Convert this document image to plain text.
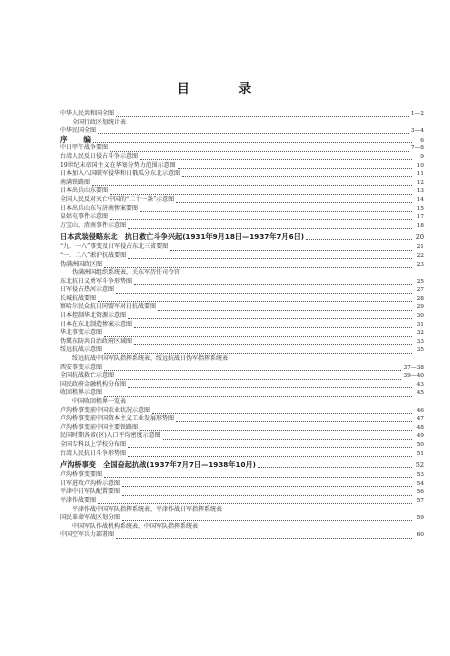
目 录
中华人民共和国全图	1—2
全国行政区划统计表
中华民国全图	3—4
序　　编	6
中日甲午战争要图	7—8
台湾人民反日侵占斗争示意图	9
19世纪末帝国主义在华划分势力范围示意图	10
日本加入八国联军侵华和日俄瓜分东北示意图	11
南满铁路图	12
日本出兵山东要图	13
全国人民反对灭亡中国的“二十一条”示意图	14
日本出兵山东与济南惨案要图	15
皇姑屯事件示意图	17
万宝山、渣南事件示意图	18
日本武装侵略东北　抗日救亡斗争兴起(1931年9月18日—1937年7月6日)	20
“九．一八”事变及日军侵占东北三省要图	21
“一．二八”淞沪抗战要图	22
伪满洲国政区图	23
伪满洲国组织系统表、关东军历任司令官
东北抗日义勇军斗争形势图	25
日军侵占热河示意图	27
长城抗战要图	28
察哈尔民众抗日同盟军对日抗战要图	29
日本控制华北资源示意图	30
日本在东北制造惨案示意图	31
华北事变示意图	32
伪冀东防共自治政府区域图	33
绥远抗战示意图	35
绥远抗战中国军队指挥系统表、绥远抗战日伪军指挥系统表
西安事变示意图	37—38
全国抗战救亡示意图	39—40
国民政府金融机构分布图	43
收回租界示意图	45
中国收回租界一览表
卢沟桥事变前中国农业状况示意图	46
卢沟桥事变前中国资本主义工业发展形势图	47
卢沟桥事变前中国主要铁路图	48
民国时期各省(区)人口平均密度示意图	49
全国专科以上学校分布图	50
台湾人民抗日斗争形势图	51
卢沟桥事变　全国奋起抗战(1937年7月7日—1938年10月)	52
卢沟桥事变要图	53
日军进攻卢沟桥示意图	54
平津中日军队配置要图	56
平津作战要图	57
平津作战中国军队指挥系统表、平津作战日军指挥系统表
国民革命军战区划分图	59
中国军队作战机构系统表、中国军队指挥系统表
中国空军兵力部署图	60
